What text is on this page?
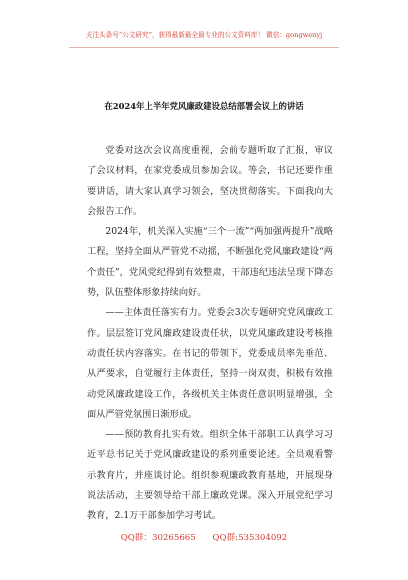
关注头条号“公文研究”，获得最新最全最专业的公文资料库！ 微信：gongwenyj
在2024年上半年党风廉政建设总结部署会议上的讲话

党委对这次会议高度重视，会前专题听取了汇报，审议了会议材料，在家党委成员参加会议。等会，书记还要作重要讲话，请大家认真学习领会，坚决贯彻落实。下面我向大会报告工作。

2024年，机关深入实施“三个一流”“两加强两提升”战略工程，坚持全面从严管党不动摇，不断强化党风廉政建设“两个责任”，党风党纪得到有效整肃，干部违纪违法呈现下降态势，队伍整体形象持续向好。

——主体责任落实有力。党委会3次专题研究党风廉政工作。层层签订党风廉政建设责任状，以党风廉政建设考核推动责任状内容落实。在书记的带领下，党委成员率先垂范、从严要求，自觉履行主体责任，坚持一岗双责，积极有效推动党风廉政建设工作，各级机关主体责任意识明显增强，全面从严管党氛围日渐形成。

——预防教育扎实有效。组织全体干部职工认真学习习近平总书记关于党风廉政建设的系列重要论述。全员观看警示教育片，并座谈讨论。组织参观廉政教育基地，开展现身说法活动，主要领导给干部上廉政党课。深入开展党纪学习教育，2.1万干部参加学习考试。

QQ群：30265665 QQ群:535304092
